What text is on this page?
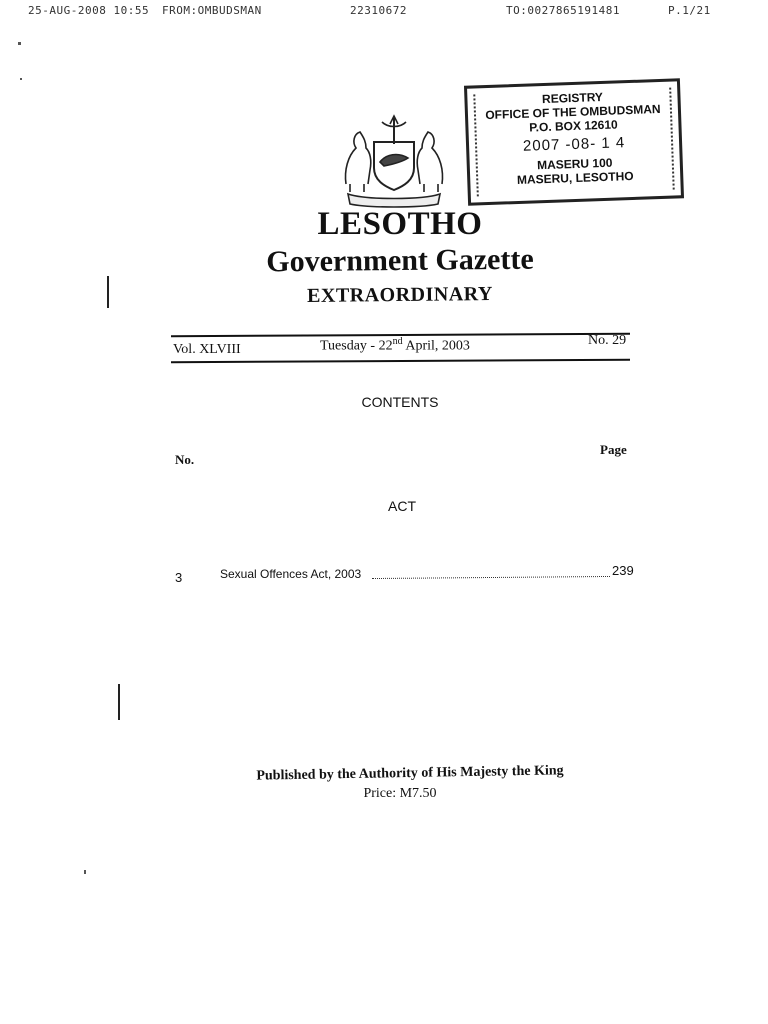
25-AUG-2008 10:55 FROM:OMBUDSMAN	22310672	TO:0027865191481	P.1/21
REGISTRY
OFFICE OF THE OMBUDSMAN
P.O. BOX 12610
2007 -08- 1 4
MASERU 100
MASERU, LESOTHO
LESOTHO
Government Gazette
EXTRAORDINARY
Vol. XLVIII	Tuesday - 22nd April, 2003	No. 29
CONTENTS
No.
Page
ACT
3	Sexual Offences Act, 2003	239
Published by the Authority of His Majesty the King
Price: M7.50
